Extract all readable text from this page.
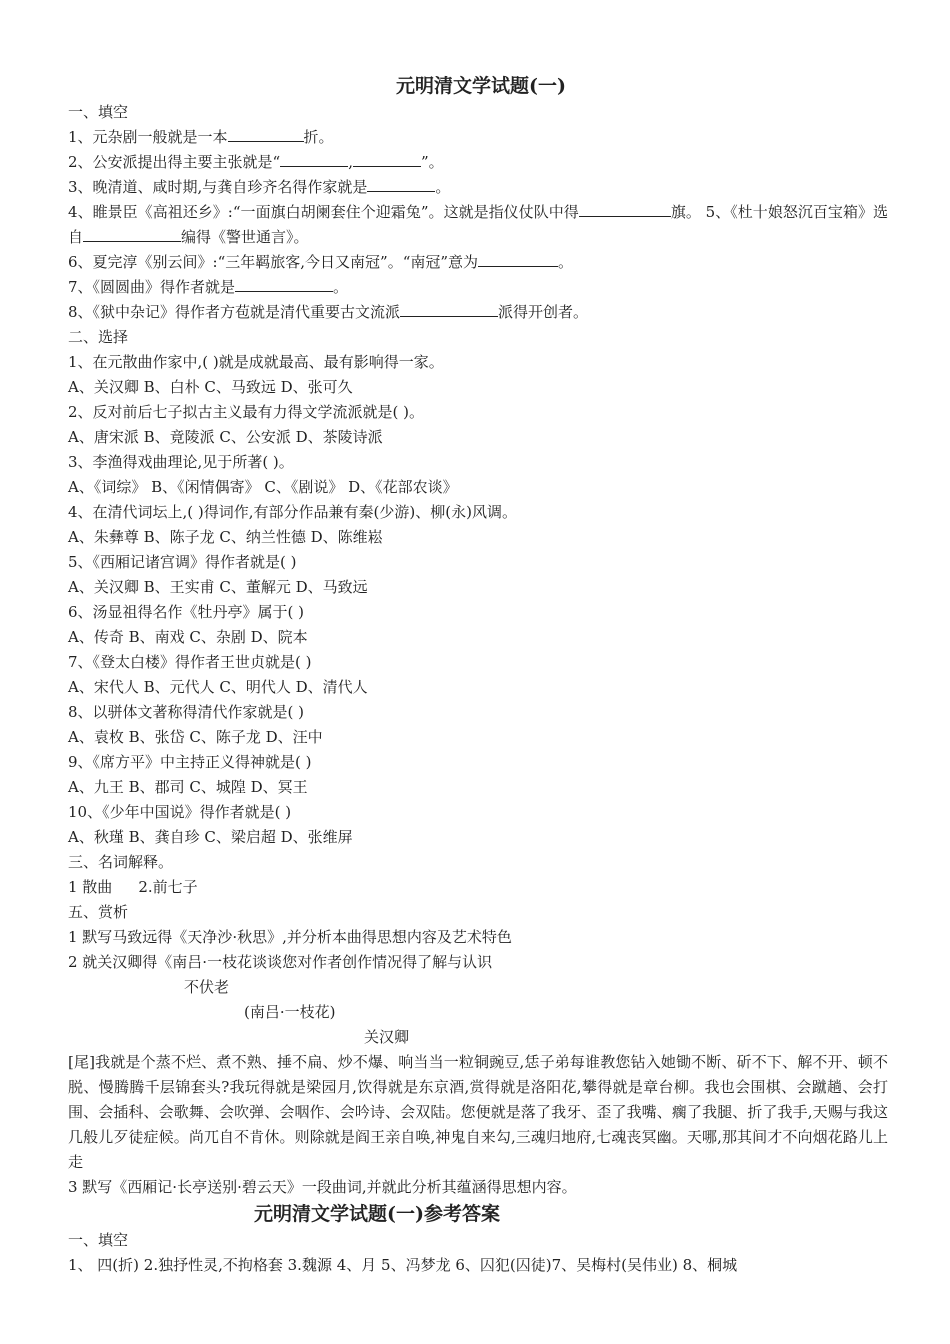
元明清文学试题(一)
一、填空
1、元杂剧一般就是一本	折。
2、公安派提出得主要主张就是“	,	”。
3、晚清道、咸时期,与龚自珍齐名得作家就是	。
4、睢景臣《高祖还乡》:“一面旗白胡阑套住个迎霜兔”。这就是指仪仗队中得	旗。 5、《杜十娘怒沉百宝箱》选自	编得《警世通言》。
6、夏完淳《别云间》:“三年羁旅客,今日又南冠”。“南冠”意为	。
7、《圆圆曲》得作者就是	。
8、《狱中杂记》得作者方苞就是清代重要古文流派	派得开创者。
二、选择
1、在元散曲作家中,( )就是成就最高、最有影响得一家。
A、关汉卿 B、白朴 C、马致远 D、张可久
2、反对前后七子拟古主义最有力得文学流派就是( )。
A、唐宋派 B、竟陵派 C、公安派 D、茶陵诗派
3、李渔得戏曲理论,见于所著( )。
A、《词综》 B、《闲情偶寄》 C、《剧说》 D、《花部农谈》
4、在清代词坛上,( )得词作,有部分作品兼有秦(少游)、柳(永)风调。
A、朱彝尊 B、陈子龙 C、纳兰性德 D、陈维崧
5、《西厢记诸宫调》得作者就是( )
A、关汉卿 B、王实甫 C、董解元 D、马致远
6、汤显祖得名作《牡丹亭》属于( )
A、传奇 B、南戏 C、杂剧 D、院本
7、《登太白楼》得作者王世贞就是( )
A、宋代人 B、元代人 C、明代人 D、清代人
8、以骈体文著称得清代作家就是( )
A、袁枚 B、张岱 C、陈子龙 D、汪中
9、《席方平》中主持正义得神就是( )
A、九王 B、郡司 C、城隍 D、冥王
10、《少年中国说》得作者就是( )
A、秋瑾 B、龚自珍 C、梁启超 D、张维屏
三、名词解释。
1 散曲 2.前七子
五、赏析
1 默写马致远得《天净沙·秋思》,并分析本曲得思想内容及艺术特色
2 就关汉卿得《南吕·一枝花谈谈您对作者创作情况得了解与认识
不伏老
(南吕·一枝花)
关汉卿
[尾]我就是个蒸不烂、煮不熟、捶不扁、炒不爆、响当当一粒铜豌豆,恁子弟每谁教您钻入她锄不断、斫不下、解不开、顿不脱、慢腾腾千层锦套头?我玩得就是梁园月,饮得就是东京酒,赏得就是洛阳花,攀得就是章台柳。我也会围棋、会蹴趟、会打围、会插科、会歌舞、会吹弹、会咽作、会吟诗、会双陆。您便就是落了我牙、歪了我嘴、瘸了我腿、折了我手,天赐与我这几般儿歹徒症候。尚兀自不肯休。则除就是阎王亲自唤,神鬼自来勾,三魂归地府,七魂丧冥幽。天哪,那其间才不向烟花路儿上走
3 默写《西厢记·长亭送别·碧云天》一段曲词,并就此分析其蕴涵得思想内容。
元明清文学试题(一)参考答案
一、填空
1、 四(折) 2.独抒性灵,不拘格套 3.魏源 4、月 5、冯梦龙 6、囚犯(囚徒)7、吴梅村(吴伟业) 8、桐城
